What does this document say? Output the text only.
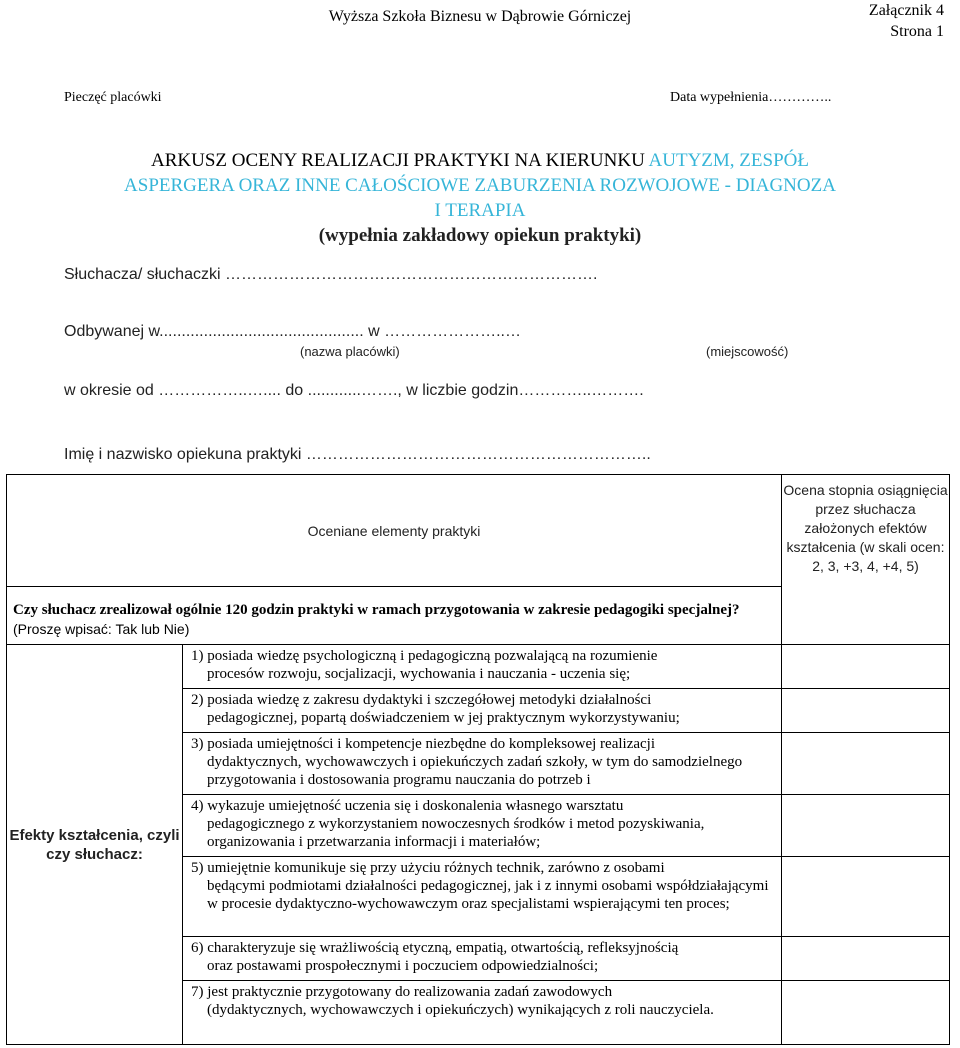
Wyższa Szkoła Biznesu w Dąbrowie Górniczej	Załącznik 4
Strona 1
Pieczęć placówki	Data wypełnienia…………..
ARKUSZ OCENY REALIZACJI PRAKTYKI NA KIERUNKU AUTYZM, ZESPÓŁ
ASPERGERA ORAZ INNE CAŁOŚCIOWE ZABURZENIA ROZWOJOWE - DIAGNOZA
I TERAPIA
(wypełnia zakładowy opiekun praktyki)
Słuchacza/ słuchaczki …………………………………………………………….
Odbywanej w.............................................. w …………………..…
(nazwa placówki)	(miejscowość)
w okresie od ……………..….... do ............……., w liczbie godzin…………..……….
Imię i nazwisko opiekuna praktyki ………………………………………………………..
Oceniane elementy praktyki		Ocena stopnia osiągnięcia przez słuchacza założonych efektów kształcenia (w skali ocen: 2, 3, +3, 4, +4, 5)
Czy słuchacz zrealizował ogólnie 120 godzin praktyki w ramach przygotowania w zakresie pedagogiki specjalnej? (Proszę wpisać: Tak lub Nie)		
Efekty kształcenia, czyli czy słuchacz:	1) posiada wiedzę psychologiczną i pedagogiczną pozwalającą na rozumienie
procesów rozwoju, socjalizacji, wychowania i nauczania - uczenia się;	

	2) posiada wiedzę z zakresu dydaktyki i szczegółowej metodyki działalności
pedagogicznej, popartą doświadczeniem w jej praktycznym wykorzystywaniu;	

	3) posiada umiejętności i kompetencje niezbędne do kompleksowej realizacji
dydaktycznych, wychowawczych i opiekuńczych zadań szkoły, w tym do samodzielnego przygotowania i dostosowania programu nauczania do potrzeb i	

	4) wykazuje umiejętność uczenia się i doskonalenia własnego warsztatu
pedagogicznego z wykorzystaniem nowoczesnych środków i metod pozyskiwania, organizowania i przetwarzania informacji i materiałów;	

	5) umiejętnie komunikuje się przy użyciu różnych technik, zarówno z osobami
będącymi podmiotami działalności pedagogicznej, jak i z innymi osobami współdziałającymi w procesie dydaktyczno-wychowawczym oraz specjalistami wspierającymi ten proces;	

	6) charakteryzuje się wrażliwością etyczną, empatią, otwartością, refleksyjnością
oraz postawami prospołecznymi i poczuciem odpowiedzialności;	

	7) jest praktycznie przygotowany do realizowania zadań zawodowych
(dydaktycznych, wychowawczych i opiekuńczych) wynikających z roli nauczyciela.	
